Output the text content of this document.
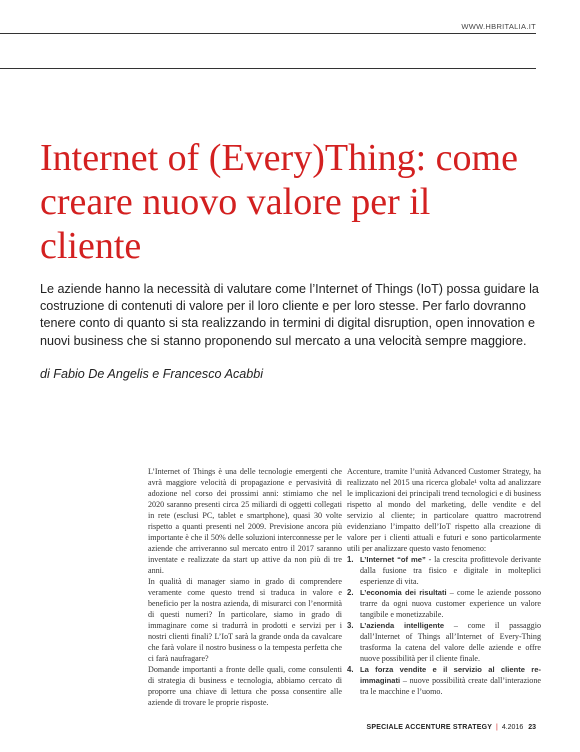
WWW.HBRITALIA.IT
Internet of (Every)Thing: come creare nuovo valore per il cliente

Le aziende hanno la necessità di valutare come l’Internet of Things (IoT) possa guidare la costruzione di contenuti di valore per il loro cliente e per loro stesse. Per farlo dovranno tenere conto di quanto si sta realizzando in termini di digital disruption, open innovation e nuovi business che si stanno proponendo sul mercato a una velocità sempre maggiore.

di Fabio De Angelis e Francesco Acabbi

L’Internet of Things è una delle tecnologie emergenti che avrà maggiore velocità di propagazione e pervasività di adozione nel corso dei prossimi anni: stimiamo che nel 2020 saranno presenti circa 25 miliardi di oggetti collegati in rete (esclusi PC, tablet e smartphone), quasi 30 volte rispetto a quanti presenti nel 2009. Previsione ancora più importante è che il 50% delle soluzioni interconnesse per le aziende che arriveranno sul mercato entro il 2017 saranno inventate e realizzate da start up attive da non più di tre anni.

In qualità di manager siamo in grado di comprendere veramente come questo trend si traduca in valore e beneficio per la nostra azienda, di misurarci con l’enormità di questi numeri? In particolare, siamo in grado di immaginare come si tradurrà in prodotti e servizi per i nostri clienti finali? L’IoT sarà la grande onda da cavalcare che farà volare il nostro business o la tempesta perfetta che ci farà naufragare?

Domande importanti a fronte delle quali, come consulenti di strategia di business e tecnologia, abbiamo cercato di proporre una chiave di lettura che possa consentire alle aziende di trovare le proprie risposte.

Accenture, tramite l’unità Advanced Customer Strategy, ha realizzato nel 2015 una ricerca globale¹ volta ad analizzare le implicazioni dei principali trend tecnologici e di business rispetto al mondo del marketing, delle vendite e del servizio al cliente; in particolare quattro macrotrend evidenziano l’impatto dell’IoT rispetto alla creazione di valore per i clienti attuali e futuri e sono particolarmente utili per analizzare questo vasto fenomeno:

1. L’Internet “of me” - la crescita profittevole derivante dalla fusione tra fisico e digitale in molteplici esperienze di vita.
2. L’economia dei risultati – come le aziende possono trarre da ogni nuova customer experience un valore tangibile e monetizzabile.
3. L’azienda intelligente – come il passaggio dall’Internet of Things all’Internet of Every-Thing trasforma la catena del valore delle aziende e offre nuove possibilità per il cliente finale.
4. La forza vendite e il servizio al cliente re-immaginati – nuove possibilità create dall’interazione tra le macchine e l’uomo.
SPECIALE ACCENTURE STRATEGY | 4.2016 23
